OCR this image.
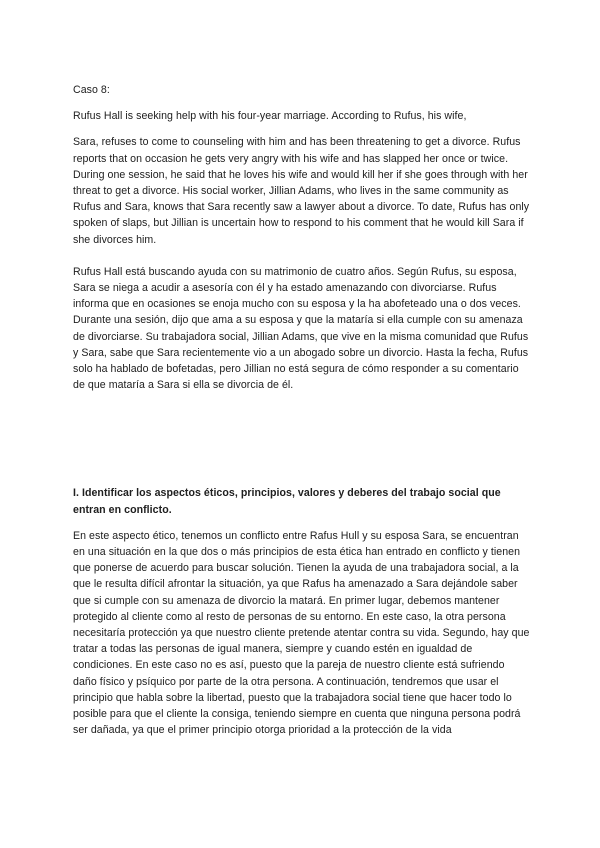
Caso 8:

Rufus Hall is seeking help with his four-year marriage. According to Rufus, his wife,

Sara, refuses to come to counseling with him and has been threatening to get a divorce. Rufus reports that on occasion he gets very angry with his wife and has slapped her once or twice. During one session, he said that he loves his wife and would kill her if she goes through with her threat to get a divorce. His social worker, Jillian Adams, who lives in the same community as Rufus and Sara, knows that Sara recently saw a lawyer about a divorce. To date, Rufus has only spoken of slaps, but Jillian is uncertain how to respond to his comment that he would kill Sara if she divorces him.

Rufus Hall está buscando ayuda con su matrimonio de cuatro años. Según Rufus, su esposa, Sara se niega a acudir a asesoría con él y ha estado amenazando con divorciarse. Rufus informa que en ocasiones se enoja mucho con su esposa y la ha abofeteado una o dos veces. Durante una sesión, dijo que ama a su esposa y que la mataría si ella cumple con su amenaza de divorciarse. Su trabajadora social, Jillian Adams, que vive en la misma comunidad que Rufus y Sara, sabe que Sara recientemente vio a un abogado sobre un divorcio. Hasta la fecha, Rufus solo ha hablado de bofetadas, pero Jillian no está segura de cómo responder a su comentario de que mataría a Sara si ella se divorcia de él.

I. Identificar los aspectos éticos, principios, valores y deberes del trabajo social que entran en conflicto.

En este aspecto ético, tenemos un conflicto entre Rafus Hull y su esposa Sara, se encuentran en una situación en la que dos o más principios de esta ética han entrado en conflicto y tienen que ponerse de acuerdo para buscar solución. Tienen la ayuda de una trabajadora social, a la que le resulta difícil afrontar la situación, ya que Rafus ha amenazado a Sara dejándole saber que si cumple con su amenaza de divorcio la matará. En primer lugar, debemos mantener protegido al cliente como al resto de personas de su entorno. En este caso, la otra persona necesitaría protección ya que nuestro cliente pretende atentar contra su vida. Segundo, hay que tratar a todas las personas de igual manera, siempre y cuando estén en igualdad de condiciones. En este caso no es así, puesto que la pareja de nuestro cliente está sufriendo daño físico y psíquico por parte de la otra persona. A continuación, tendremos que usar el principio que habla sobre la libertad, puesto que la trabajadora social tiene que hacer todo lo posible para que el cliente la consiga, teniendo siempre en cuenta que ninguna persona podrá ser dañada, ya que el primer principio otorga prioridad a la protección de la vida
